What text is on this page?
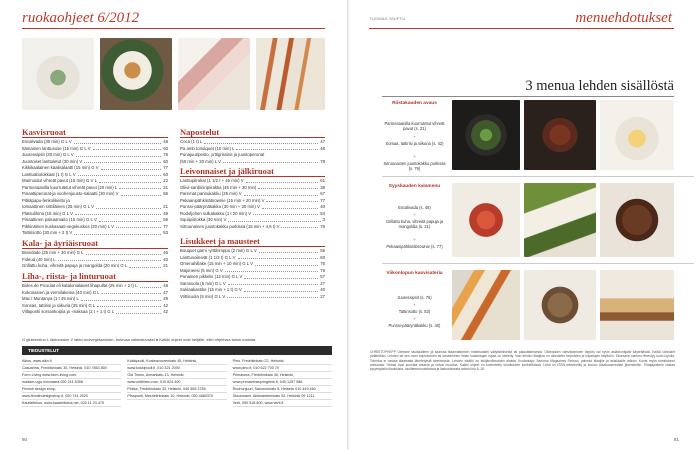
ruokaohjeet 6/2012
Kasvisruoat
Escalivada (30 min) G L V	48
Itämainen lanttusose (15 min) G L V	60
Juuressipsit (30 min) G L V	76
Juustoiset lanttuletut (30 min) V	60
Kikkikaalainen kaalisalaatti (15 min) G V	77
Lanttuabolokkaat (1 t) G L V	60
Marinoidut vihreät pavut (15 min) G V L	22
Parmesaanilla kuorrutetut vihreät pavut (20 min) L	21
Pinaattiperunat-ja vuohenjuusto-salaatti (30 min) V	55
Pitkäpapu-fenkolikeitto ja
tomaattinen srittiläinen (25 min) G L V	21
Platsulihina (15 min) G L V	49
Pinaattinen palsaamaito (15 min) G L V	56
Pikkinäinen kuskasaati-vegekuskus (20 min) L V	77
Tattirisotto (30 min + 2 t) V	53
Kala- ja äyriäisruoat
Brandade (25 min + 30 min) G L	46
Fideuá (40 min) L	40
Grillattu kuha, vihreitä papuja ja mangolda (20 min) G L	21
Liha-, riista- ja linturuoat
Boles de Picoulat eli katalonialaiset lihapullat (25 min + 2 t) L	48
Kokonainen ja vermilakeina (40 min) G L	47
Mac i Muntanya (1 t 45 min) L	49
Sonsas, tattirisi ja siikuria (25 min) G L	42
Villaposki sorsankoipia ja -maksaa (2 t + 1 t) G L	42
Napostelut
Coca (1 t) L	47
Pa amb tomàquet (10 min) L	48
Punajuuripesto, yrttigrissinit ja juustoperunat
(50 min + 20 min) L V	78
Leivonnaiset ja jälkiruoat
Lanttupiirakat (1 1/2 t + 45 min) V	61
Oliivi-sardiiniripiirakka (45 min + 30 min)	38
Paremat pannukakku (25 min) V	57
Pekaanipähkinäbrownie (15 min + 20 min) V	77
Punssi-päärynäkakku (30 min + 30 min) V	40
Rodoljohen sulkakakku (1 t 20 min) V	54
Squiipiiriokka (30 min) V	3
Sitruunainen juustokakku purkissa (15 min + 4,5 t) V	76
Lisukkeet ja mausteet
Bouquet garni -yrttikimppu (2 min) G L V	56
Lanttuvoileivät (1 1/2 t) G L V	60
Omenahillake (15 min + 10 min) G L V	76
Majoneesi (5 min) G V	76
Punainen pikkelis (12 min) G L V	57
Samsuola (5 min) G L V	27
Suklaakastike (15 min + 1 t) G V	40
Vrittisuola (5 min) G L V	27
G gluteeniton L laktoositon V lakto-ovovegetaarinen, buluvaa valmistuvaksi ● Kaikki ohjeet ovat neljälle, ellei ohjeessa toisin mainita.
TIEDUSTELUT
Alkos, www.alko.fi
Casuarina, Fredrikinkatu 30, Helsinki, 010 7863 800
Form Living www.form-living.com,
madam.uyju.innovaara 020 241 5358
Finnish design shop,
www.finnishdesignshop.fi, 020 741 2520
Kauttelinkos, www.kaadellkaus.net, 020 11 23 470
Kokkipuoli, Korkeavuorenkatu 45, Helsinki,
www.kokkipuoli.fi, 010 321 2000
Old Times, Annankatu 13, Helsinki,
www.oldtimes.com, 010 624 400
Pirkka, Fredrikinkatu 33, Helsinki, 040 555 3785
Pihapuoti, Mechelininkatu 10, Helsinki, 050 4680370
Pino, Fredrikinkatu 22, Helsinki,
www.pino.fi, 010 622 700 70
Primavera, Fredrikinkatu 40, Helsinki,
www.primaveraspringtime.fi, 040 1257 586
Ruohonjuuri, Salomonkatu 5, Helsinki 010 449 460
Stockmann, Aleksanterinkatu 52, Helsinki 09 1211
Verti, 050 518 800, www.verti.fi
80
TUOMAS SNIFTU	menuehdotukset
3 menua lehden sisällöstä
Riistakauden avaus
Parmesaanilla kuorrutetut vihreät pavut (s. 21)
+
Sorsaa, tattirisi ja siikuria (s. 42)
+
Sitruunainen juustokakku purkissa (s. 76)
Syyskauden kalamenu
Escalivada (s. 48)
+
Grillattu kuha, vihreitä papuja ja mangoldia (s. 21)
+
Pekaanipähkinäbrownie (s. 77)
Viikonlopun kasvisateria
Juuressipsit (s. 76)
+
Tattirisotto (s. 53)
+
Punssi-päärynäkakku (s. 40)
CHRISTOPHEPP Olemme taulakalleen ja saamaa tilaamattomien materiaalien säilyttämisestä tai palauttamisesta. Oikeuksien vahvistaminen tarjoitu vai hyvin asiantuntijalle käytettävää. Kaikki oikeudet pidätetään. Lehden tai sen osan kopioiminen tai lainaaminen ilman kustantajan lupaa on kielletty. Vain lehden tilaajina on oikeutettu tarjousten ja kilpailujen käyttöön. Seuraava numero ilmestyy kuun lopulla. Toimitus ei vastaa tilaamatta lähetetyistä aineistoista. Lehden sisältö on tekijänoikeuslain alaista. Kustantaja: Sanoma Magazines Finland, palvelut tilaajille ja asiakkaille arkisin. Kuvat myös toimituksen arkistosta. Hinnat ovat suuntaa antavia ja voivat muuttua. Kaikki ohjeet on koekeitetty toimituksen koekeittiössä. Lehti on ISSN-rekisteröity ja kuuluu Aikakausmedian jäsenlehtiin. Tilaajapalvelu vastaa kysymyksiin tilauksista, osoitteenmuutoksista ja laskutuksesta arkisin klo 8–18.
81
